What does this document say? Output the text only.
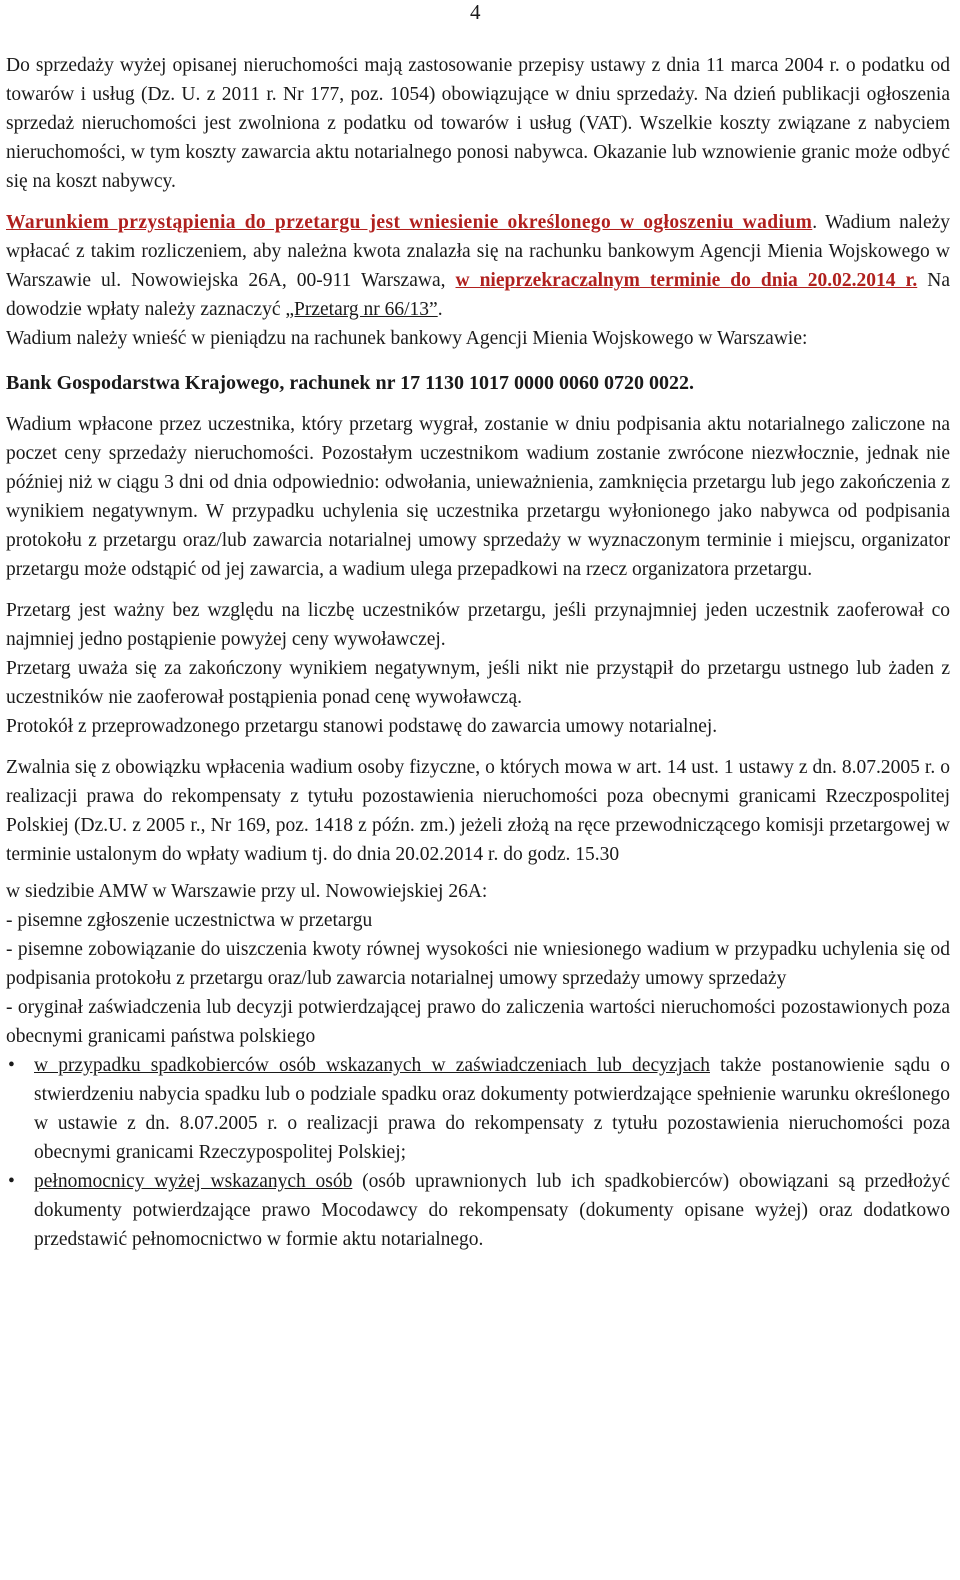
4

Do sprzedaży wyżej opisanej nieruchomości mają zastosowanie przepisy ustawy z dnia 11 marca 2004 r. o podatku od towarów i usług (Dz. U. z 2011 r. Nr 177, poz. 1054) obowiązujące w dniu sprzedaży. Na dzień publikacji ogłoszenia sprzedaż nieruchomości jest zwolniona z podatku od towarów i usług (VAT). Wszelkie koszty związane z nabyciem nieruchomości, w tym koszty zawarcia aktu notarialnego ponosi nabywca. Okazanie lub wznowienie granic może odbyć się na koszt nabywcy.

Warunkiem przystąpienia do przetargu jest wniesienie określonego w ogłoszeniu wadium. Wadium należy wpłacać z takim rozliczeniem, aby należna kwota znalazła się na rachunku bankowym Agencji Mienia Wojskowego w Warszawie ul. Nowowiejska 26A, 00-911 Warszawa, w nieprzekraczalnym terminie do dnia 20.02.2014 r. Na dowodzie wpłaty należy zaznaczyć „Przetarg nr 66/13”.

Wadium należy wnieść w pieniądzu na rachunek bankowy Agencji Mienia Wojskowego w Warszawie:

Bank Gospodarstwa Krajowego, rachunek nr 17 1130 1017 0000 0060 0720 0022.

Wadium wpłacone przez uczestnika, który przetarg wygrał, zostanie w dniu podpisania aktu notarialnego zaliczone na poczet ceny sprzedaży nieruchomości. Pozostałym uczestnikom wadium zostanie zwrócone niezwłocznie, jednak nie później niż w ciągu 3 dni od dnia odpowiednio: odwołania, unieważnienia, zamknięcia przetargu lub jego zakończenia z wynikiem negatywnym. W przypadku uchylenia się uczestnika przetargu wyłonionego jako nabywca od podpisania protokołu z przetargu oraz/lub zawarcia notarialnej umowy sprzedaży w wyznaczonym terminie i miejscu, organizator przetargu może odstąpić od jej zawarcia, a wadium ulega przepadkowi na rzecz organizatora przetargu.

Przetarg jest ważny bez względu na liczbę uczestników przetargu, jeśli przynajmniej jeden uczestnik zaoferował co najmniej jedno postąpienie powyżej ceny wywoławczej.

Przetarg uważa się za zakończony wynikiem negatywnym, jeśli nikt nie przystąpił do przetargu ustnego lub żaden z uczestników nie zaoferował postąpienia ponad cenę wywoławczą.

Protokół z przeprowadzonego przetargu stanowi podstawę do zawarcia umowy notarialnej.

Zwalnia się z obowiązku wpłacenia wadium osoby fizyczne, o których mowa w art. 14 ust. 1 ustawy z dn. 8.07.2005 r. o realizacji prawa do rekompensaty z tytułu pozostawienia nieruchomości poza obecnymi granicami Rzeczpospolitej Polskiej (Dz.U. z 2005 r., Nr 169, poz. 1418 z późn. zm.) jeżeli złożą na ręce przewodniczącego komisji przetargowej w terminie ustalonym do wpłaty wadium tj. do dnia 20.02.2014 r. do godz. 15.30

w siedzibie AMW w Warszawie przy ul. Nowowiejskiej 26A:

- pisemne zgłoszenie uczestnictwa w przetargu

- pisemne zobowiązanie do uiszczenia kwoty równej wysokości nie wniesionego wadium w przypadku uchylenia się od podpisania protokołu z przetargu oraz/lub zawarcia notarialnej umowy sprzedaży umowy sprzedaży

- oryginał zaświadczenia lub decyzji potwierdzającej prawo do zaliczenia wartości nieruchomości pozostawionych poza obecnymi granicami państwa polskiego

• w przypadku spadkobierców osób wskazanych w zaświadczeniach lub decyzjach także postanowienie sądu o stwierdzeniu nabycia spadku lub o podziale spadku oraz dokumenty potwierdzające spełnienie warunku określonego w ustawie z dn. 8.07.2005 r. o realizacji prawa do rekompensaty z tytułu pozostawienia nieruchomości poza obecnymi granicami Rzeczypospolitej Polskiej;
• pełnomocnicy wyżej wskazanych osób (osób uprawnionych lub ich spadkobierców) obowiązani są przedłożyć dokumenty potwierdzające prawo Mocodawcy do rekompensaty (dokumenty opisane wyżej) oraz dodatkowo przedstawić pełnomocnictwo w formie aktu notarialnego.
